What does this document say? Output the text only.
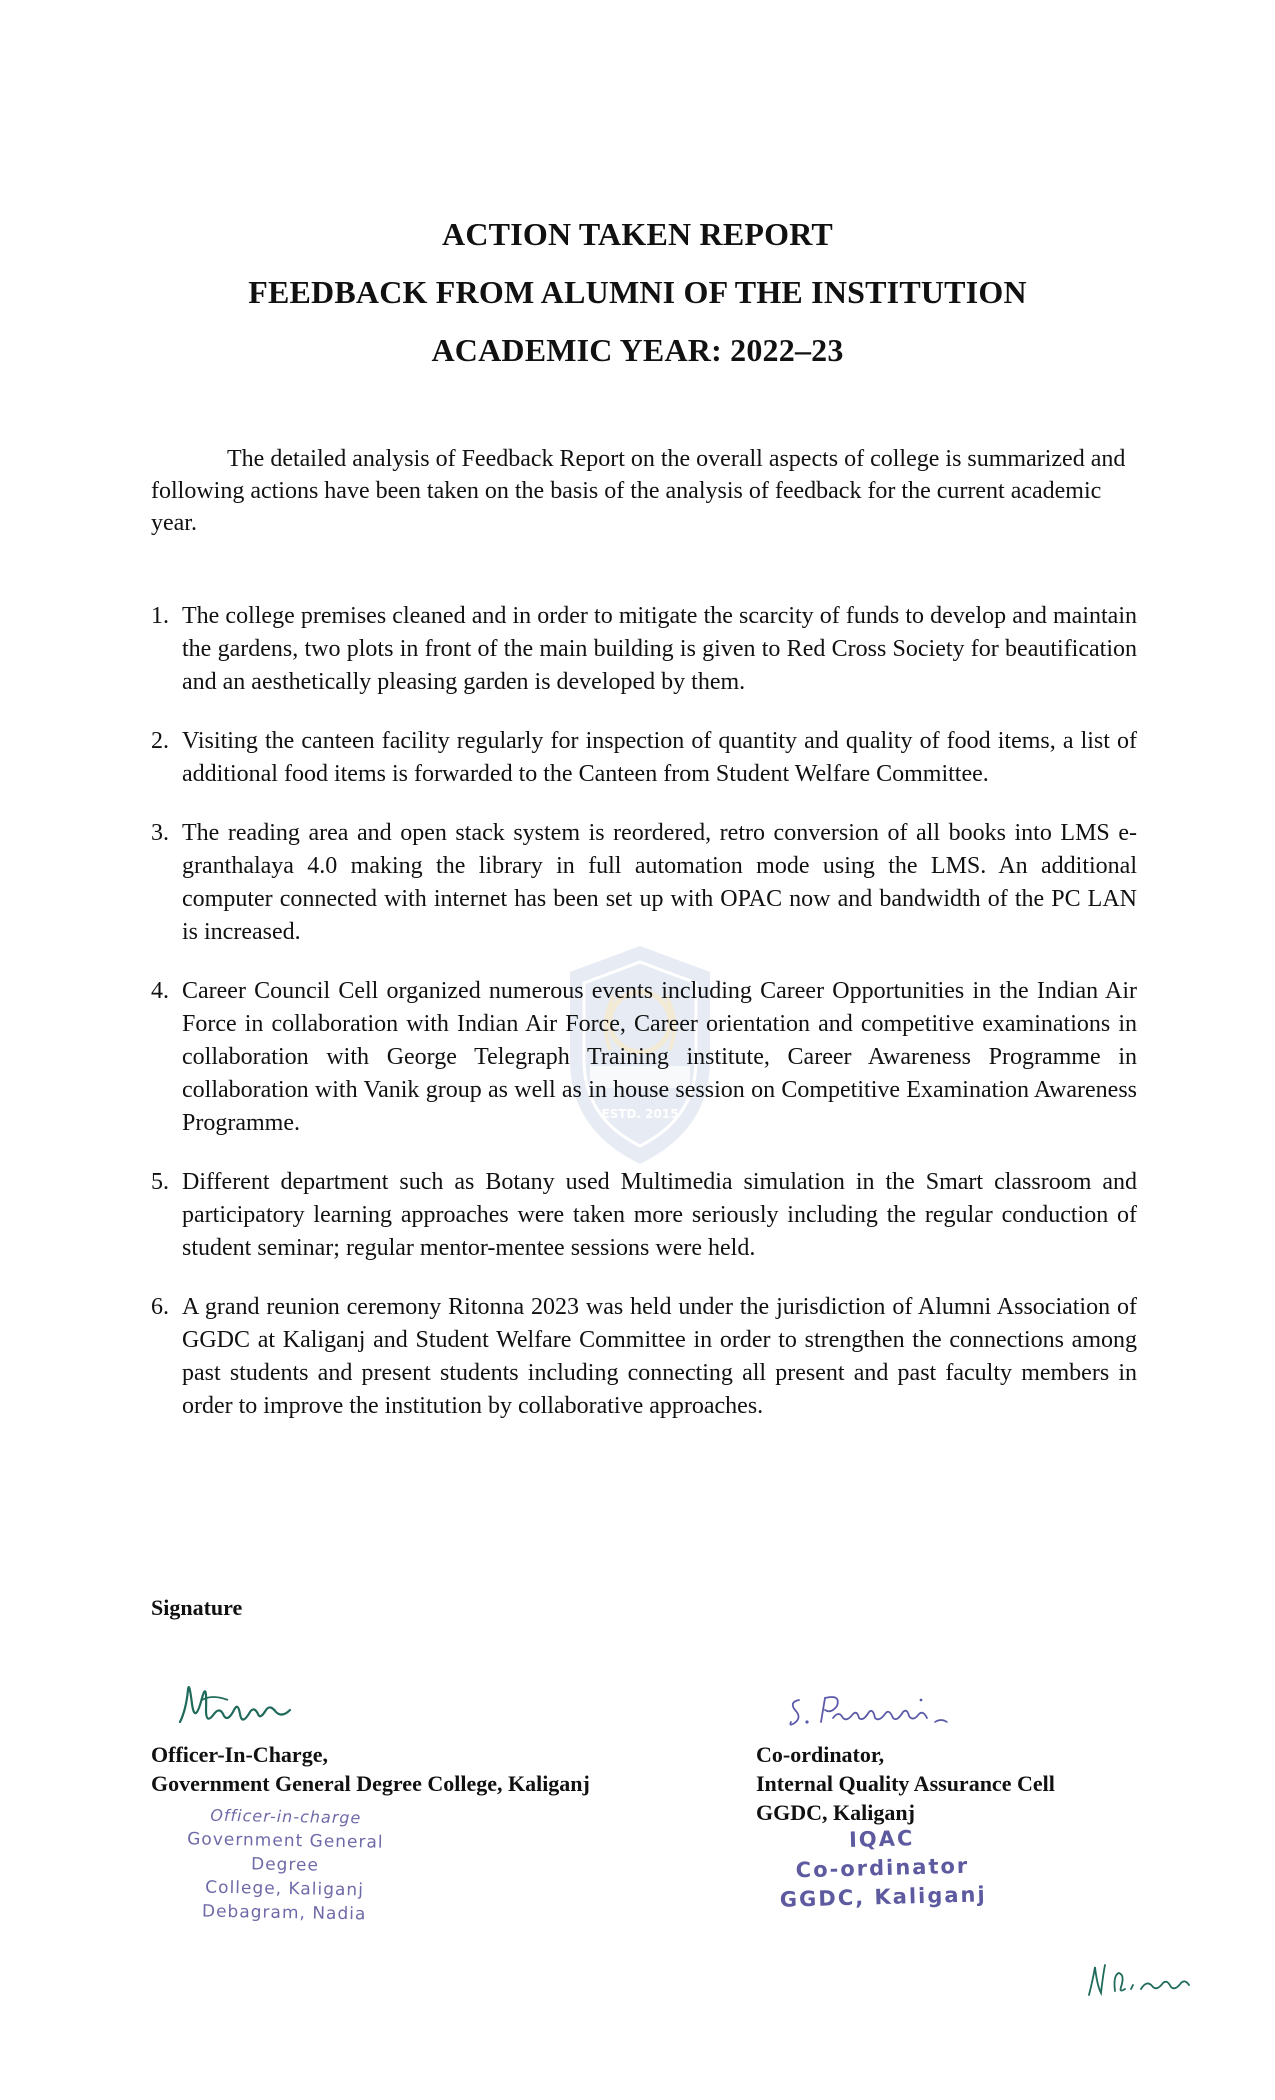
ACTION TAKEN REPORT
FEEDBACK FROM ALUMNI OF THE INSTITUTION
ACADEMIC YEAR: 2022–23
ESTD. 2015

The detailed analysis of Feedback Report on the overall aspects of college is summarized and following actions have been taken on the basis of the analysis of feedback for the current academic year.

1. The college premises cleaned and in order to mitigate the scarcity of funds to develop and maintain the gardens, two plots in front of the main building is given to Red Cross Society for beautification and an aesthetically pleasing garden is developed by them.
2. Visiting the canteen facility regularly for inspection of quantity and quality of food items, a list of additional food items is forwarded to the Canteen from Student Welfare Committee.
3. The reading area and open stack system is reordered, retro conversion of all books into LMS e-granthalaya 4.0 making the library in full automation mode using the LMS. An additional computer connected with internet has been set up with OPAC now and bandwidth of the PC LAN is increased.
4. Career Council Cell organized numerous events including Career Opportunities in the Indian Air Force in collaboration with Indian Air Force, Career orientation and competitive examinations in collaboration with George Telegraph Training institute, Career Awareness Programme in collaboration with Vanik group as well as in house session on Competitive Examination Awareness Programme.
5. Different department such as Botany used Multimedia simulation in the Smart classroom and participatory learning approaches were taken more seriously including the regular conduction of student seminar; regular mentor-mentee sessions were held.
6. A grand reunion ceremony Ritonna 2023 was held under the jurisdiction of Alumni Association of GGDC at Kaliganj and Student Welfare Committee in order to strengthen the connections among past students and present students including connecting all present and past faculty members in order to improve the institution by collaborative approaches.
Signature
Officer-In-Charge,
Government General Degree College, Kaliganj
Officer-in-charge
Government General Degree
College, Kaliganj
Debagram, Nadia
Co-ordinator,
Internal Quality Assurance Cell
GGDC, Kaliganj
IQAC
Co-ordinator
GGDC, Kaliganj
